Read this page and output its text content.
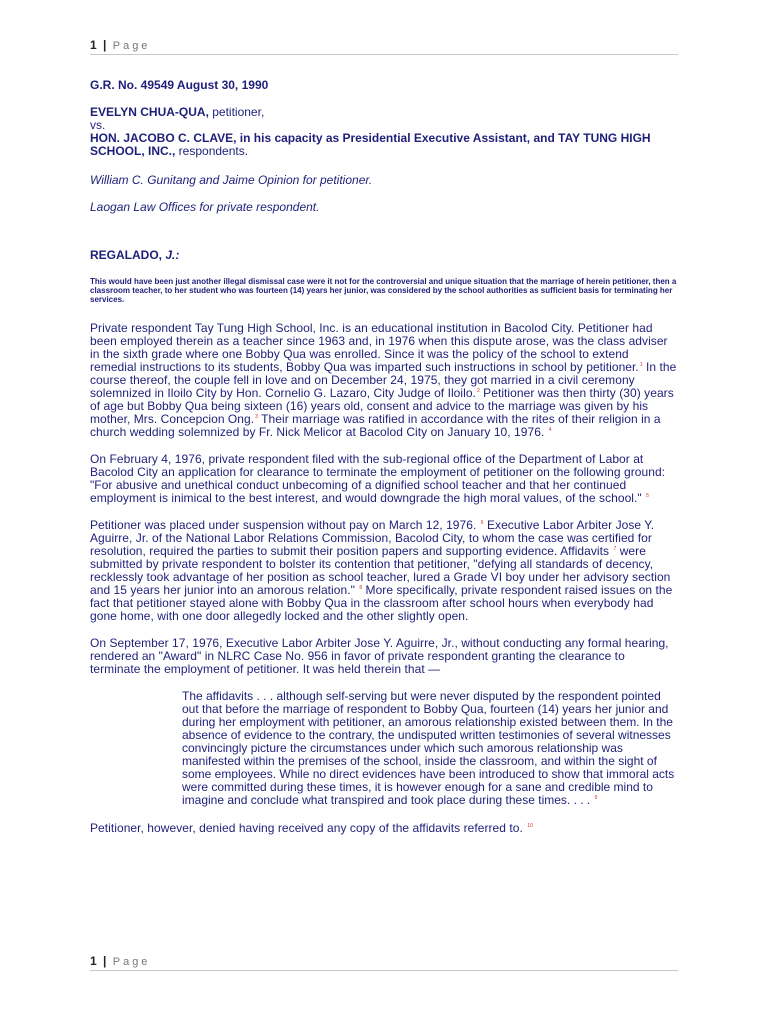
1 | Page
G.R. No. 49549 August 30, 1990
EVELYN CHUA-QUA, petitioner,
vs.
HON. JACOBO C. CLAVE, in his capacity as Presidential Executive Assistant, and TAY TUNG HIGH SCHOOL, INC., respondents.
William C. Gunitang and Jaime Opinion for petitioner.
Laogan Law Offices for private respondent.
REGALADO, J.:
This would have been just another illegal dismissal case were it not for the controversial and unique situation that the marriage of herein petitioner, then a classroom teacher, to her student who was fourteen (14) years her junior, was considered by the school authorities as sufficient basis for terminating her services.

Private respondent Tay Tung High School, Inc. is an educational institution in Bacolod City. Petitioner had been employed therein as a teacher since 1963 and, in 1976 when this dispute arose, was the class adviser in the sixth grade where one Bobby Qua was enrolled. Since it was the policy of the school to extend remedial instructions to its students, Bobby Qua was imparted such instructions in school by petitioner.$^1$ In the course thereof, the couple fell in love and on December 24, 1975, they got married in a civil ceremony solemnized in Iloilo City by Hon. Cornelio G. Lazaro, City Judge of Iloilo.$^2$ Petitioner was then thirty (30) years of age but Bobby Qua being sixteen (16) years old, consent and advice to the marriage was given by his mother, Mrs. Concepcion Ong.$^3$ Their marriage was ratified in accordance with the rites of their religion in a church wedding solemnized by Fr. Nick Melicor at Bacolod City on January 10, 1976. $^4$

On February 4, 1976, private respondent filed with the sub-regional office of the Department of Labor at Bacolod City an application for clearance to terminate the employment of petitioner on the following ground: "For abusive and unethical conduct unbecoming of a dignified school teacher and that her continued employment is inimical to the best interest, and would downgrade the high moral values, of the school." $^5$

Petitioner was placed under suspension without pay on March 12, 1976. $^6$ Executive Labor Arbiter Jose Y. Aguirre, Jr. of the National Labor Relations Commission, Bacolod City, to whom the case was certified for resolution, required the parties to submit their position papers and supporting evidence. Affidavits $^7$ were submitted by private respondent to bolster its contention that petitioner, "defying all standards of decency, recklessly took advantage of her position as school teacher, lured a Grade VI boy under her advisory section and 15 years her junior into an amorous relation." $^8$ More specifically, private respondent raised issues on the fact that petitioner stayed alone with Bobby Qua in the classroom after school hours when everybody had gone home, with one door allegedly locked and the other slightly open.

On September 17, 1976, Executive Labor Arbiter Jose Y. Aguirre, Jr., without conducting any formal hearing, rendered an "Award" in NLRC Case No. 956 in favor of private respondent granting the clearance to terminate the employment of petitioner. It was held therein that —

The affidavits . . . although self-serving but were never disputed by the respondent pointed out that before the marriage of respondent to Bobby Qua, fourteen (14) years her junior and during her employment with petitioner, an amorous relationship existed between them. In the absence of evidence to the contrary, the undisputed written testimonies of several witnesses convincingly picture the circumstances under which such amorous relationship was manifested within the premises of the school, inside the classroom, and within the sight of some employees. While no direct evidences have been introduced to show that immoral acts were committed during these times, it is however enough for a sane and credible mind to imagine and conclude what transpired and took place during these times. . . . $^9$

Petitioner, however, denied having received any copy of the affidavits referred to. $^{10}$

1 | Page
